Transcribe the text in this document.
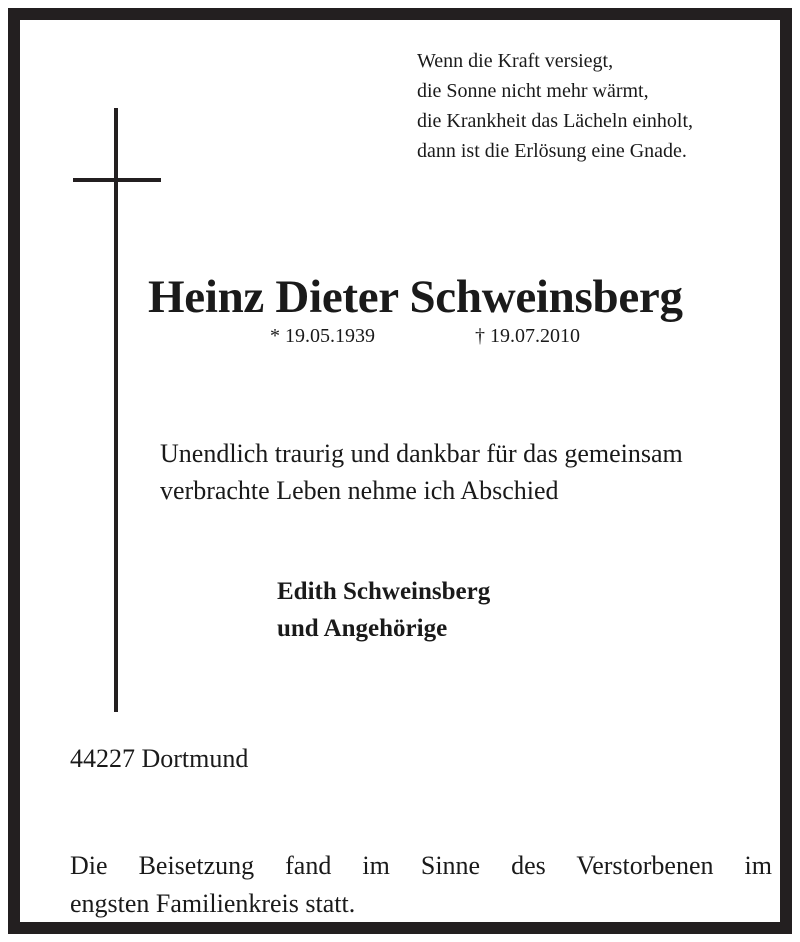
Wenn die Kraft versiegt,
die Sonne nicht mehr wärmt,
die Krankheit das Lächeln einholt,
dann ist die Erlösung eine Gnade.
Heinz Dieter Schweinsberg
* 19.05.1939	† 19.07.2010
Unendlich traurig und dankbar für das gemeinsam
verbrachte Leben nehme ich Abschied
Edith Schweinsberg
und Angehörige
44227 Dortmund
Die Beisetzung fand im Sinne des Verstorbenen im
engsten Familienkreis statt.
